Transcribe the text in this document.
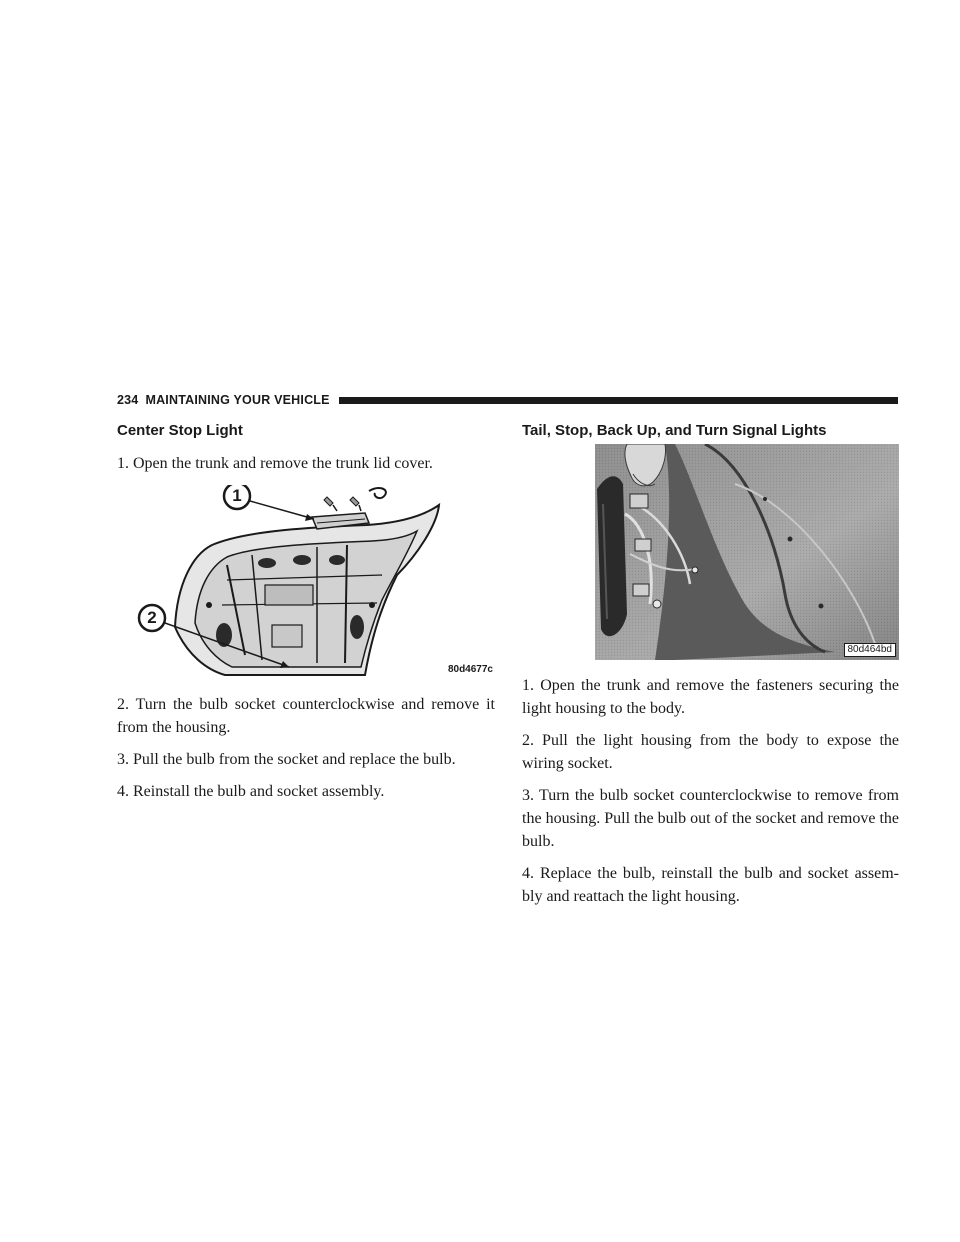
234 MAINTAINING YOUR VEHICLE
Center Stop Light

1. Open the trunk and remove the trunk lid cover.

1
2
80d4677c

2. Turn the bulb socket counterclockwise and remove it from the housing.

3. Pull the bulb from the socket and replace the bulb.

4. Reinstall the bulb and socket assembly.

Tail, Stop, Back Up, and Turn Signal Lights
80d464bd

1. Open the trunk and remove the fasteners securing the light housing to the body.

2. Pull the light housing from the body to expose the wiring socket.

3. Turn the bulb socket counterclockwise to remove from the housing. Pull the bulb out of the socket and remove the bulb.

4. Replace the bulb, reinstall the bulb and socket assem- bly and reattach the light housing.
